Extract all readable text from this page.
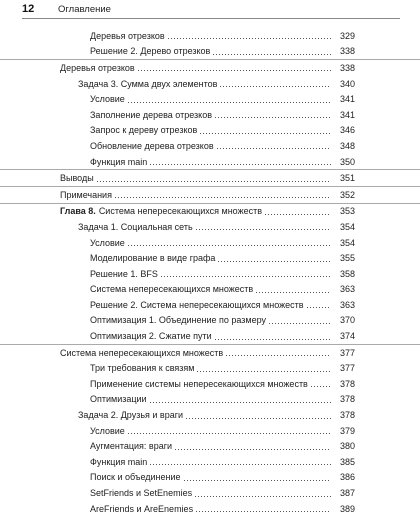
12	Оглавление
Деревья отрезков	329
Решение 2. Дерево отрезков	338
Деревья отрезков	338
Задача 3. Сумма двух элементов	340
Условие	341
Заполнение дерева отрезков	341
Запрос к дереву отрезков	346
Обновление дерева отрезков	348
Функция main	350
Выводы	351
Примечания	352
Глава 8. Система непересекающихся множеств	353
Задача 1. Социальная сеть	354
Условие	354
Моделирование в виде графа	355
Решение 1. BFS	358
Система непересекающихся множеств	363
Решение 2. Система непересекающихся множеств	363
Оптимизация 1. Объединение по размеру	370
Оптимизация 2. Сжатие пути	374
Система непересекающихся множеств	377
Три требования к связям	377
Применение системы непересекающихся множеств	378
Оптимизации	378
Задача 2. Друзья и враги	378
Условие	379
Аугментация: враги	380
Функция main	385
Поиск и объединение	386
SetFriends и SetEnemies	387
AreFriends и AreEnemies	389
